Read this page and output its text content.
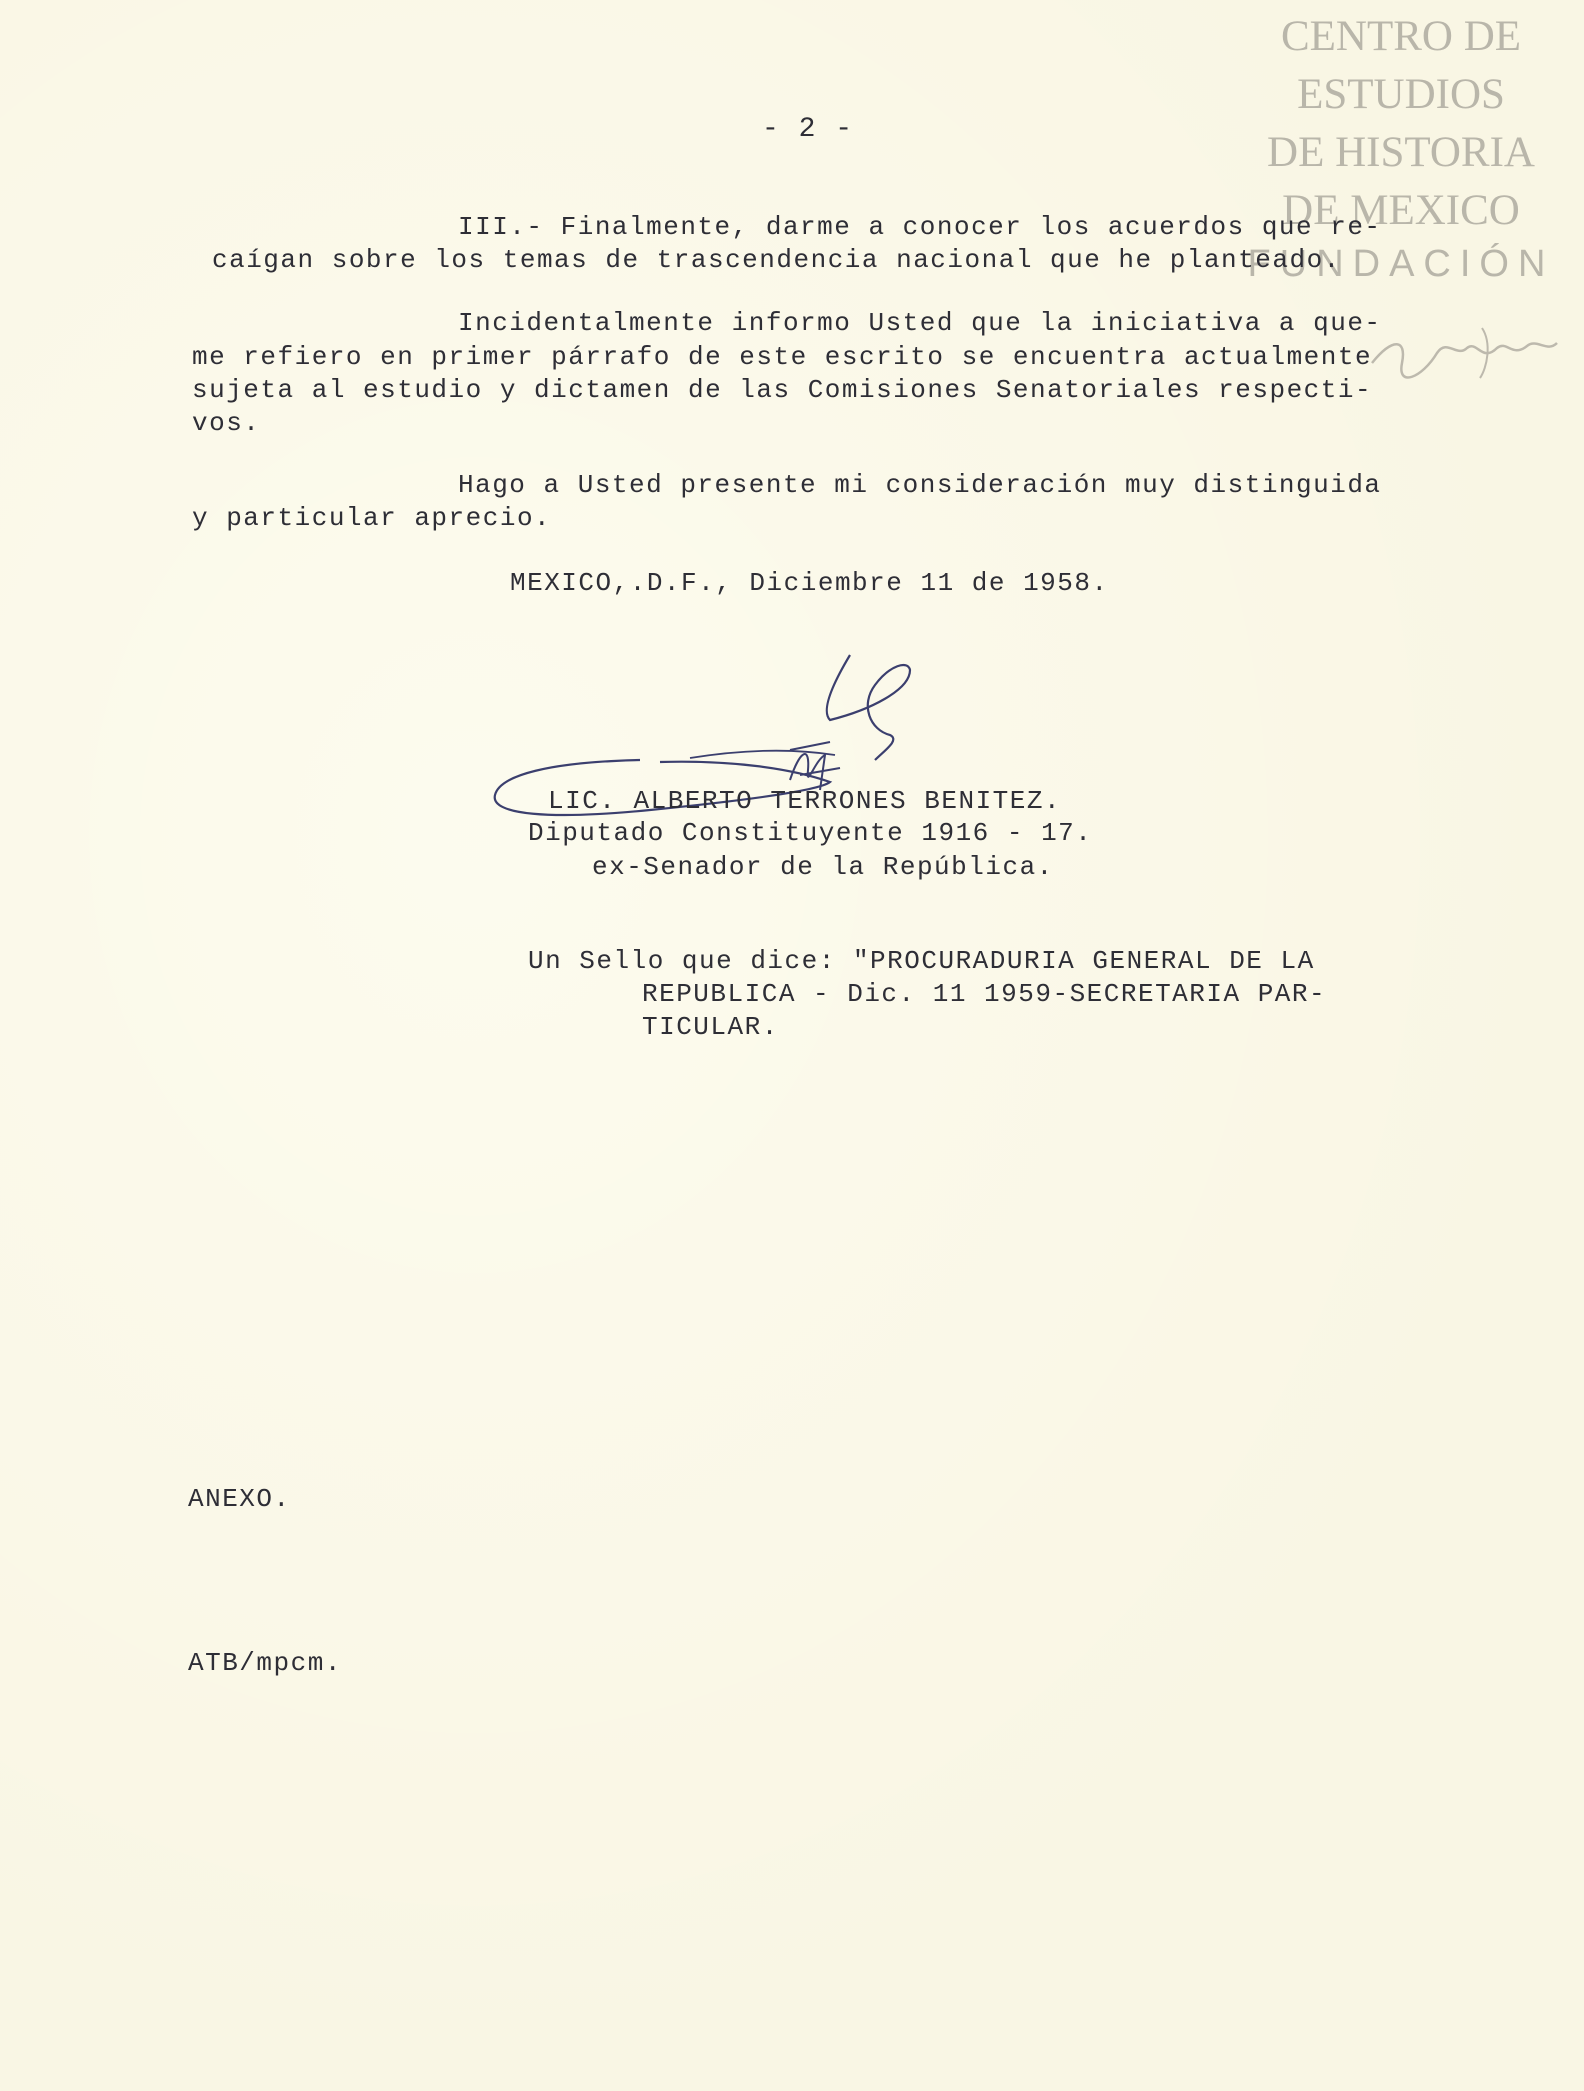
CENTRO DE
ESTUDIOS
DE HISTORIA
DE MEXICO
FUNDACIÓN
- 2 -
III.- Finalmente, darme a conocer los acuerdos que re-
caígan sobre los temas de trascendencia nacional que he planteado.
Incidentalmente informo Usted que la iniciativa a que-
me refiero en primer párrafo de este escrito se encuentra actualmente
sujeta al estudio y dictamen de las Comisiones Senatoriales respecti-
vos.
Hago a Usted presente mi consideración muy distinguida
y particular aprecio.
MEXICO,.D.F., Diciembre 11 de 1958.
LIC. ALBERTO TERRONES BENITEZ.
Diputado Constituyente 1916 - 17.
ex-Senador de la República.
Un Sello que dice: "PROCURADURIA GENERAL DE LA
REPUBLICA - Dic. 11 1959-SECRETARIA PAR-
TICULAR.
ANEXO.
ATB/mpcm.
